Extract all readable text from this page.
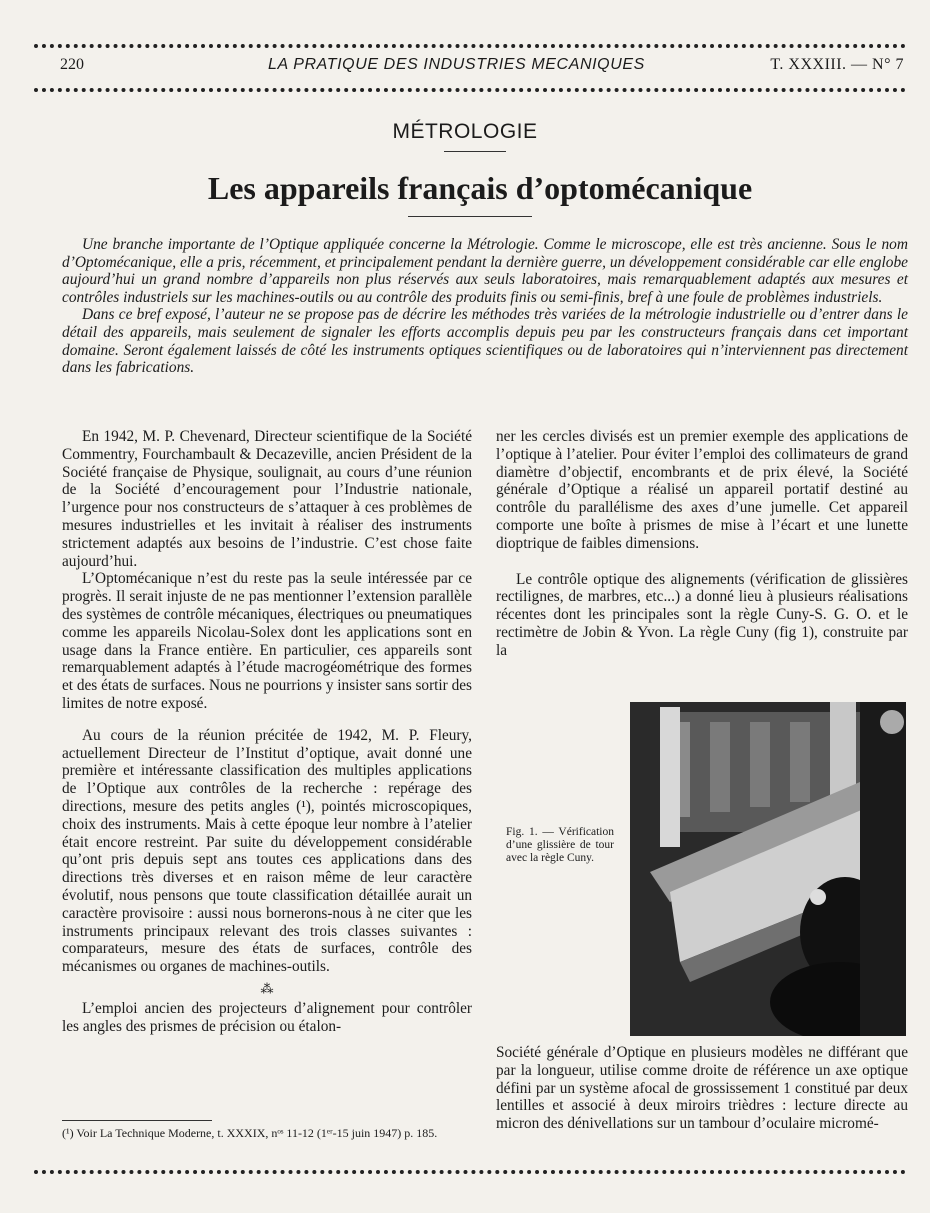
220	LA PRATIQUE DES INDUSTRIES MECANIQUES	T. XXXIII. — N° 7
MÉTROLOGIE
Les appareils français d’optomécanique

Une branche importante de l’Optique appliquée concerne la Métrologie. Comme le microscope, elle est très ancienne. Sous le nom d’Optomécanique, elle a pris, récemment, et principalement pendant la dernière guerre, un développement considérable car elle englobe aujourd’hui un grand nombre d’appareils non plus réservés aux seuls laboratoires, mais remarquablement adaptés aux mesures et contrôles industriels sur les machines-outils ou au contrôle des produits finis ou semi-finis, bref à une foule de problèmes industriels.

Dans ce bref exposé, l’auteur ne se propose pas de décrire les méthodes très variées de la métrologie industrielle ou d’entrer dans le détail des appareils, mais seulement de signaler les efforts accomplis depuis peu par les constructeurs français dans cet important domaine. Seront également laissés de côté les instruments optiques scientifiques ou de laboratoires qui n’interviennent pas directement dans les fabrications.

En 1942, M. P. Chevenard, Directeur scientifique de la Société Commentry, Fourchambault & Decazeville, ancien Président de la Société française de Physique, soulignait, au cours d’une réunion de la Société d’encouragement pour l’Industrie nationale, l’urgence pour nos constructeurs de s’attaquer à ces problèmes de mesures industrielles et les invitait à réaliser des instruments strictement adaptés aux besoins de l’industrie. C’est chose faite aujourd’hui.

L’Optomécanique n’est du reste pas la seule intéressée par ce progrès. Il serait injuste de ne pas mentionner l’extension parallèle des systèmes de contrôle mécaniques, électriques ou pneumatiques comme les appareils Nicolau-Solex dont les applications sont en usage dans la France entière. En particulier, ces appareils sont remarquablement adaptés à l’étude macrogéométrique des formes et des états de surfaces. Nous ne pourrions y insister sans sortir des limites de notre exposé.

Au cours de la réunion précitée de 1942, M. P. Fleury, actuellement Directeur de l’Institut d’optique, avait donné une première et intéressante classification des multiples applications de l’Optique aux contrôles de la recherche : repérage des directions, mesure des petits angles (¹), pointés microscopiques, choix des instruments. Mais à cette époque leur nombre à l’atelier était encore restreint. Par suite du développement considérable qu’ont pris depuis sept ans toutes ces applications dans des directions très diverses et en raison même de leur caractère évolutif, nous pensons que toute classification détaillée aurait un caractère provisoire : aussi nous bornerons-nous à ne citer que les instruments principaux relevant des trois classes suivantes : comparateurs, mesure des états de surfaces, contrôle des mécanismes ou organes de machines-outils.

⁂

L’emploi ancien des projecteurs d’alignement pour contrôler les angles des prismes de précision ou étalon-

(¹) Voir La Technique Moderne, t. XXXIX, nᵒˢ 11-12 (1ᵉʳ-15 juin 1947) p. 185.

ner les cercles divisés est un premier exemple des applications de l’optique à l’atelier. Pour éviter l’emploi des collimateurs de grand diamètre d’objectif, encombrants et de prix élevé, la Société générale d’Optique a réalisé un appareil portatif destiné au contrôle du parallélisme des axes d’une jumelle. Cet appareil comporte une boîte à prismes de mise à l’écart et une lunette dioptrique de faibles dimensions.

Le contrôle optique des alignements (vérification de glissières rectilignes, de marbres, etc...) a donné lieu à plusieurs réalisations récentes dont les principales sont la règle Cuny-S. G. O. et le rectimètre de Jobin & Yvon. La règle Cuny (fig 1), construite par la

Fig. 1. — Vérification d’une glissière de tour avec la règle Cuny.

Société générale d’Optique en plusieurs modèles ne différant que par la longueur, utilise comme droite de référence un axe optique défini par un système afocal de grossissement 1 constitué par deux lentilles et associé à deux miroirs trièdres : lecture directe au micron des dénivellations sur un tambour d’oculaire micromé-
